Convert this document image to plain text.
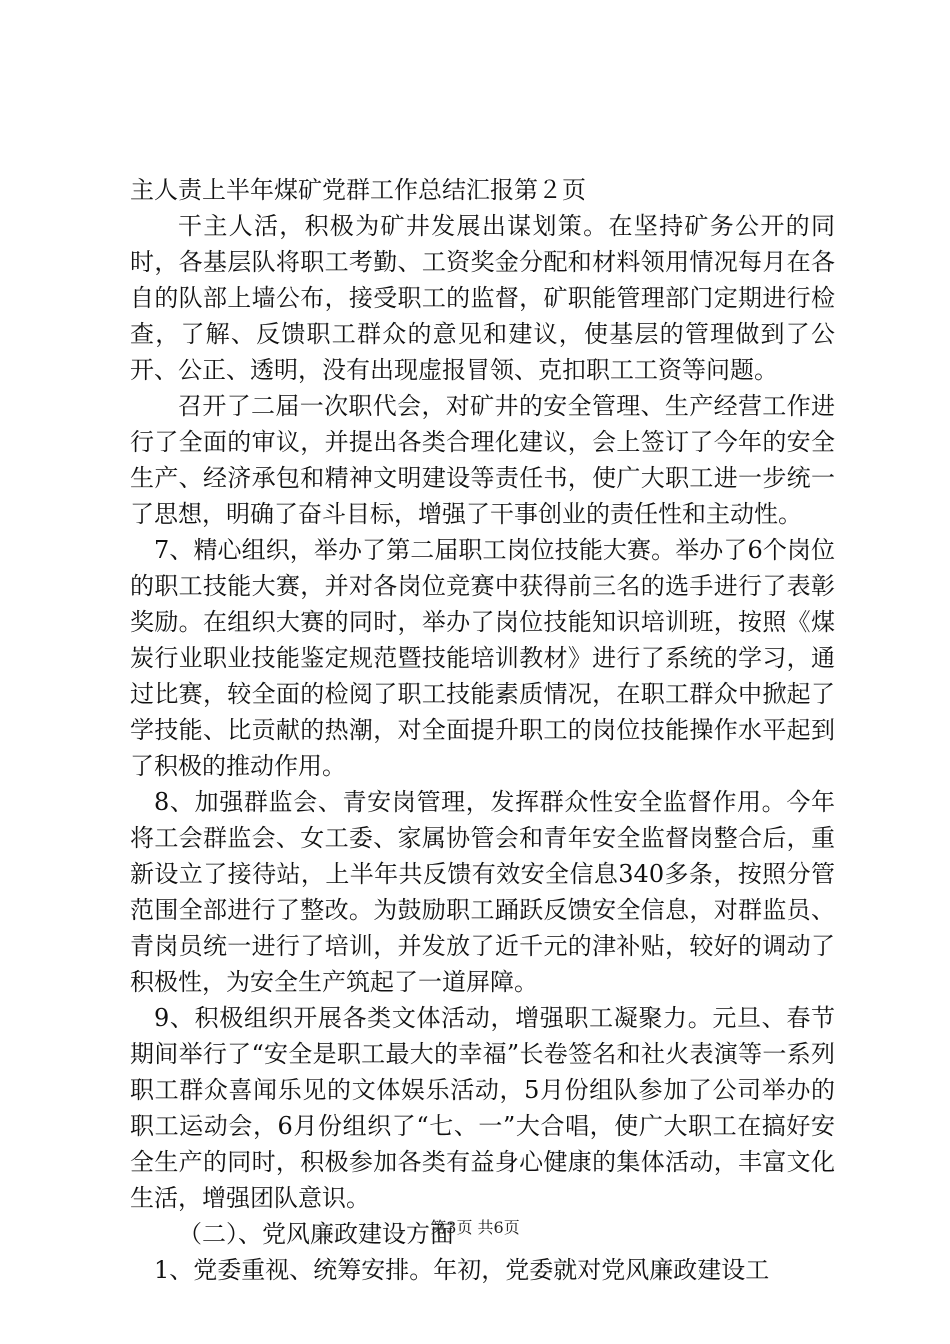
主人责上半年煤矿党群工作总结汇报第２页

干主人活，积极为矿井发展出谋划策。在坚持矿务公开的同时，各基层队将职工考勤、工资奖金分配和材料领用情况每月在各自的队部上墙公布，接受职工的监督，矿职能管理部门定期进行检查，了解、反馈职工群众的意见和建议，使基层的管理做到了公开、公正、透明，没有出现虚报冒领、克扣职工工资等问题。

召开了二届一次职代会，对矿井的安全管理、生产经营工作进行了全面的审议，并提出各类合理化建议，会上签订了今年的安全生产、经济承包和精神文明建设等责任书，使广大职工进一步统一了思想，明确了奋斗目标，增强了干事创业的责任性和主动性。

7、精心组织，举办了第二届职工岗位技能大赛。举办了6个岗位的职工技能大赛，并对各岗位竞赛中获得前三名的选手进行了表彰奖励。在组织大赛的同时，举办了岗位技能知识培训班，按照《煤炭行业职业技能鉴定规范暨技能培训教材》进行了系统的学习，通过比赛，较全面的检阅了职工技能素质情况，在职工群众中掀起了学技能、比贡献的热潮，对全面提升职工的岗位技能操作水平起到了积极的推动作用。

8、加强群监会、青安岗管理，发挥群众性安全监督作用。今年将工会群监会、女工委、家属协管会和青年安全监督岗整合后，重新设立了接待站，上半年共反馈有效安全信息340多条，按照分管范围全部进行了整改。为鼓励职工踊跃反馈安全信息，对群监员、青岗员统一进行了培训，并发放了近千元的津补贴，较好的调动了积极性，为安全生产筑起了一道屏障。

9、积极组织开展各类文体活动，增强职工凝聚力。元旦、春节期间举行了“安全是职工最大的幸福”长卷签名和社火表演等一系列职工群众喜闻乐见的文体娱乐活动，5月份组队参加了公司举办的职工运动会，6月份组织了“七、一”大合唱，使广大职工在搞好安全生产的同时，积极参加各类有益身心健康的集体活动，丰富文化生活，增强团队意识。

（二）、党风廉政建设方面

1、党委重视、统筹安排。年初，党委就对党风廉政建设工

第3页 共6页
